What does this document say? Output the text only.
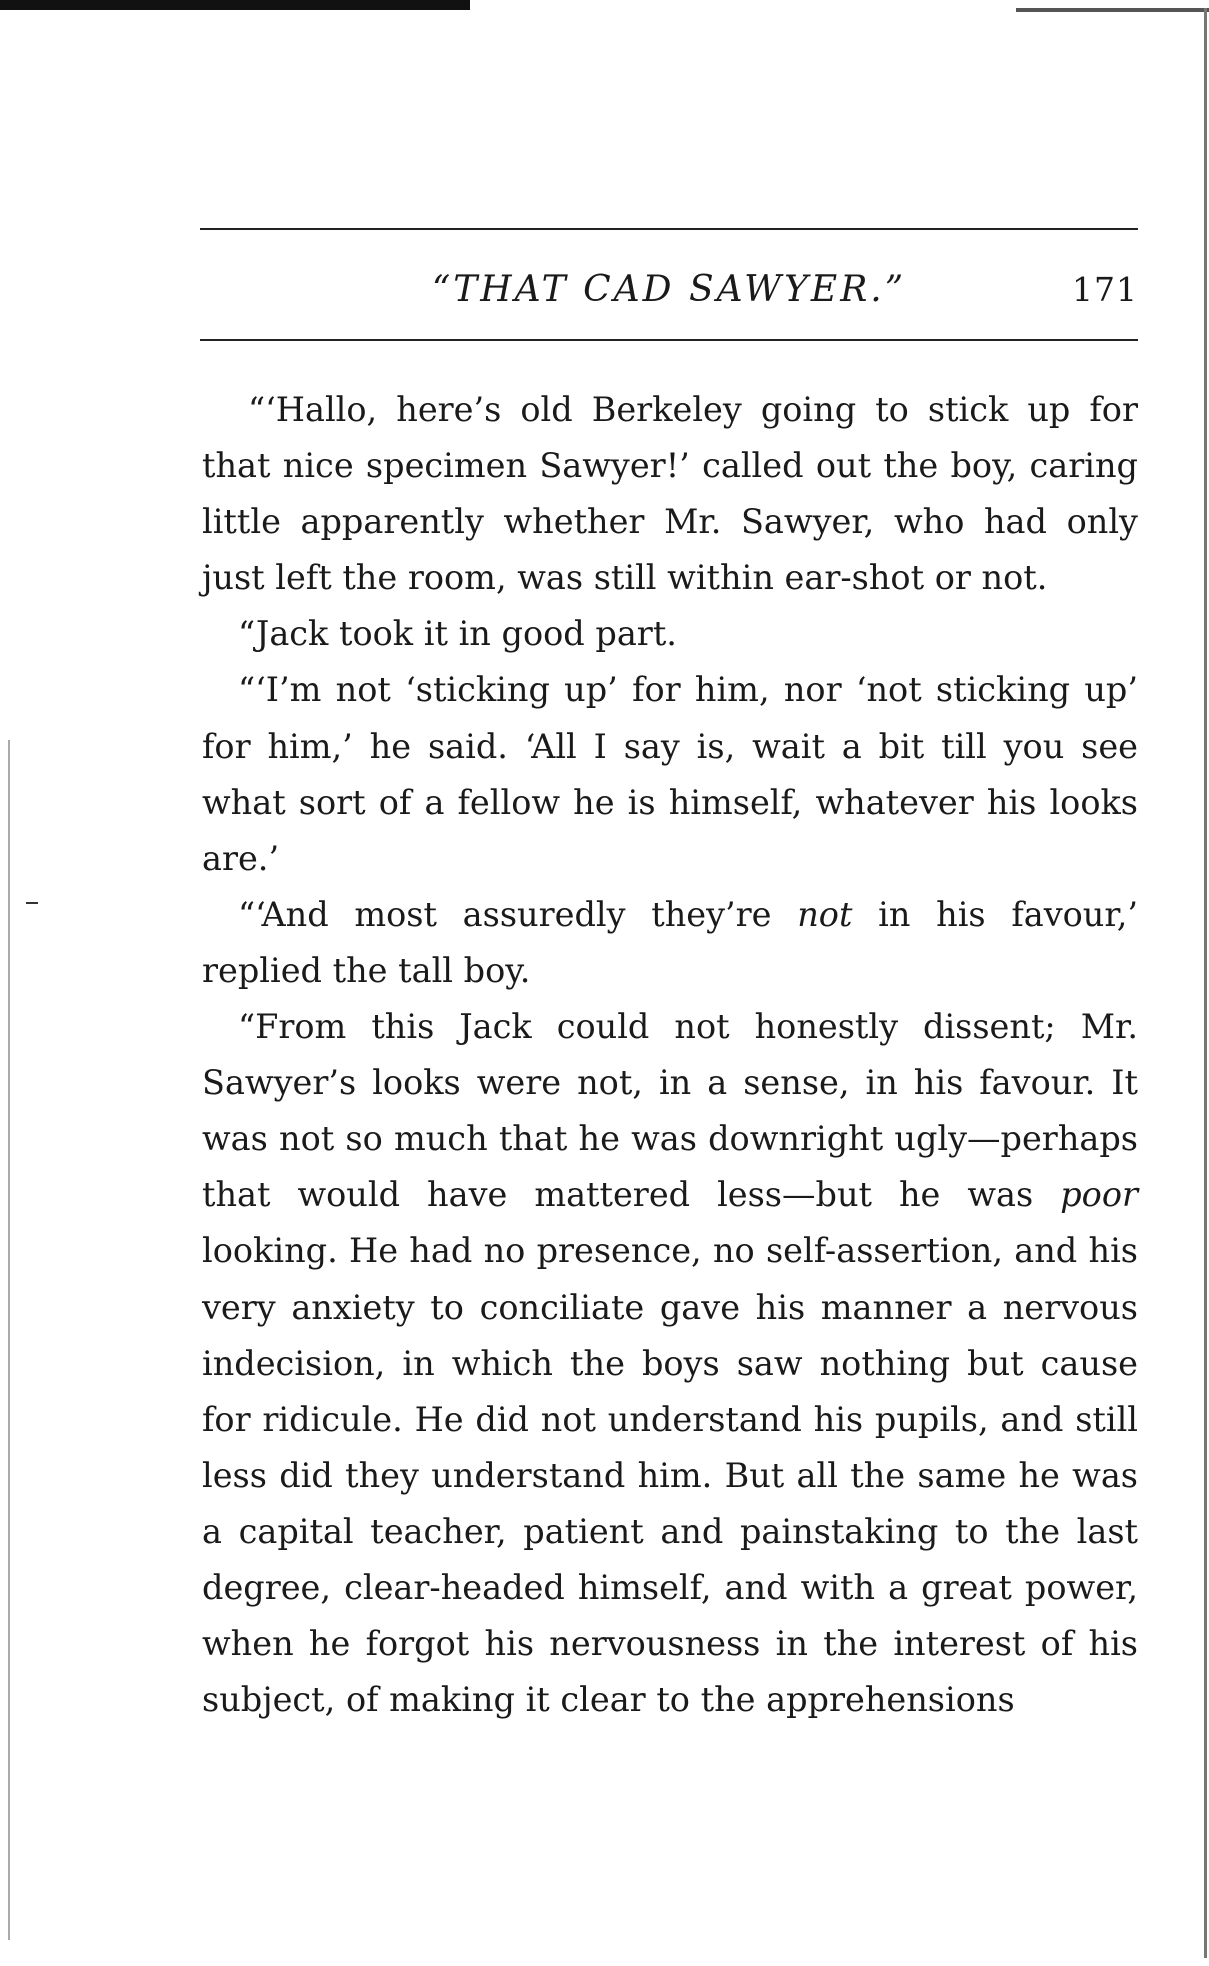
“THAT CAD SAWYER.”	171

“‘Hallo, here’s old Berkeley going to stick up for that nice specimen Sawyer!’ called out the boy, caring little apparently whether Mr. Sawyer, who had only just left the room, was still within ear-shot or not.

“Jack took it in good part.

“‘I’m not ‘sticking up’ for him, nor ‘not sticking up’ for him,’ he said. ‘All I say is, wait a bit till you see what sort of a fellow he is himself, whatever his looks are.’

“‘And most assuredly they’re not in his favour,’ replied the tall boy.

“From this Jack could not honestly dissent; Mr. Sawyer’s looks were not, in a sense, in his favour. It was not so much that he was downright ugly—perhaps that would have mattered less—but he was poor looking. He had no presence, no self-assertion, and his very anxiety to conciliate gave his manner a nervous indecision, in which the boys saw nothing but cause for ridicule. He did not understand his pupils, and still less did they understand him. But all the same he was a capital teacher, patient and painstaking to the last degree, clear-headed himself, and with a great power, when he forgot his nervousness in the interest of his subject, of making it clear to the apprehensions
